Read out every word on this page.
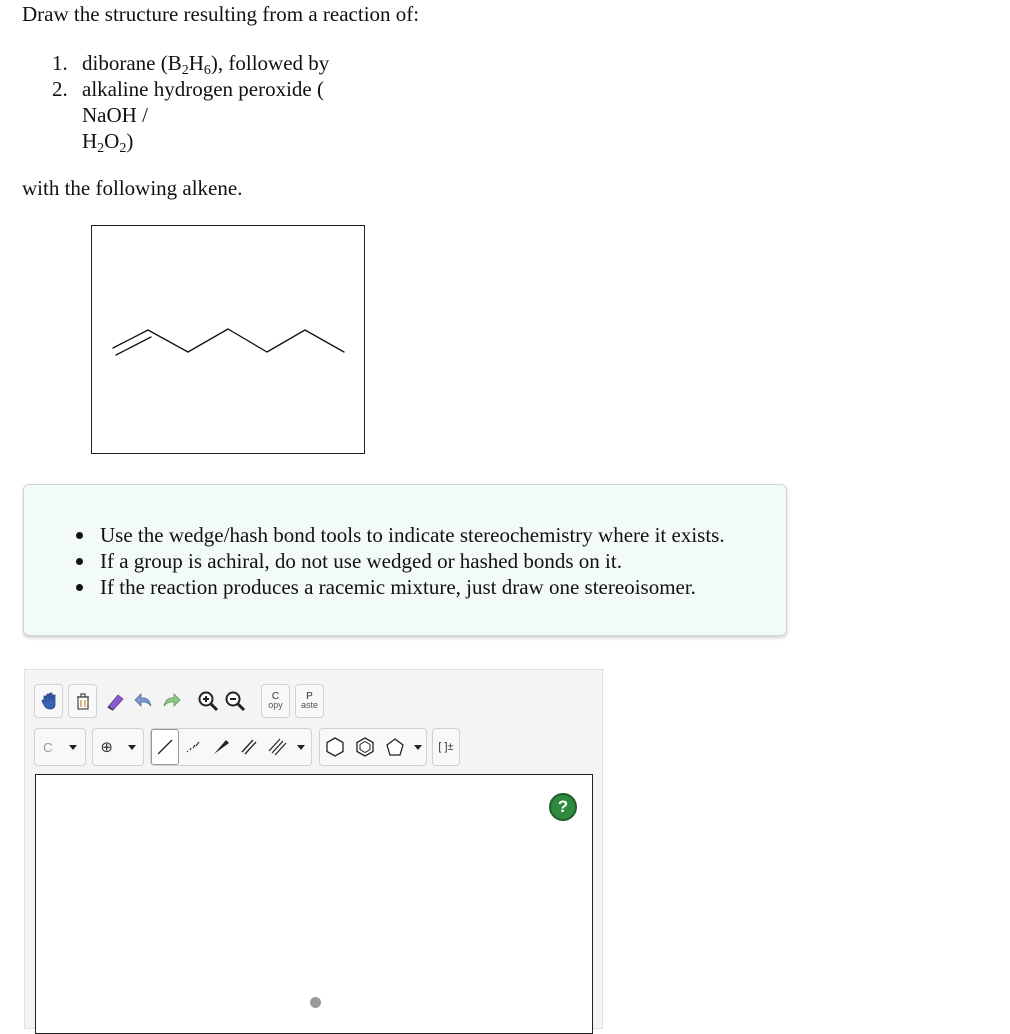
Draw the structure resulting from a reaction of:
1. diborane $(B_2H_6)$, followed by
2. alkaline hydrogen peroxide (
NaOH /
$H_2O_2$)
with the following alkene.
Use the wedge/hash bond tools to indicate stereochemistry where it exists.
If a group is achiral, do not use wedged or hashed bonds on it.
If the reaction produces a racemic mixture, just draw one stereoisomer.
C
opy
P
aste
C	⊕	[ ]±
?
